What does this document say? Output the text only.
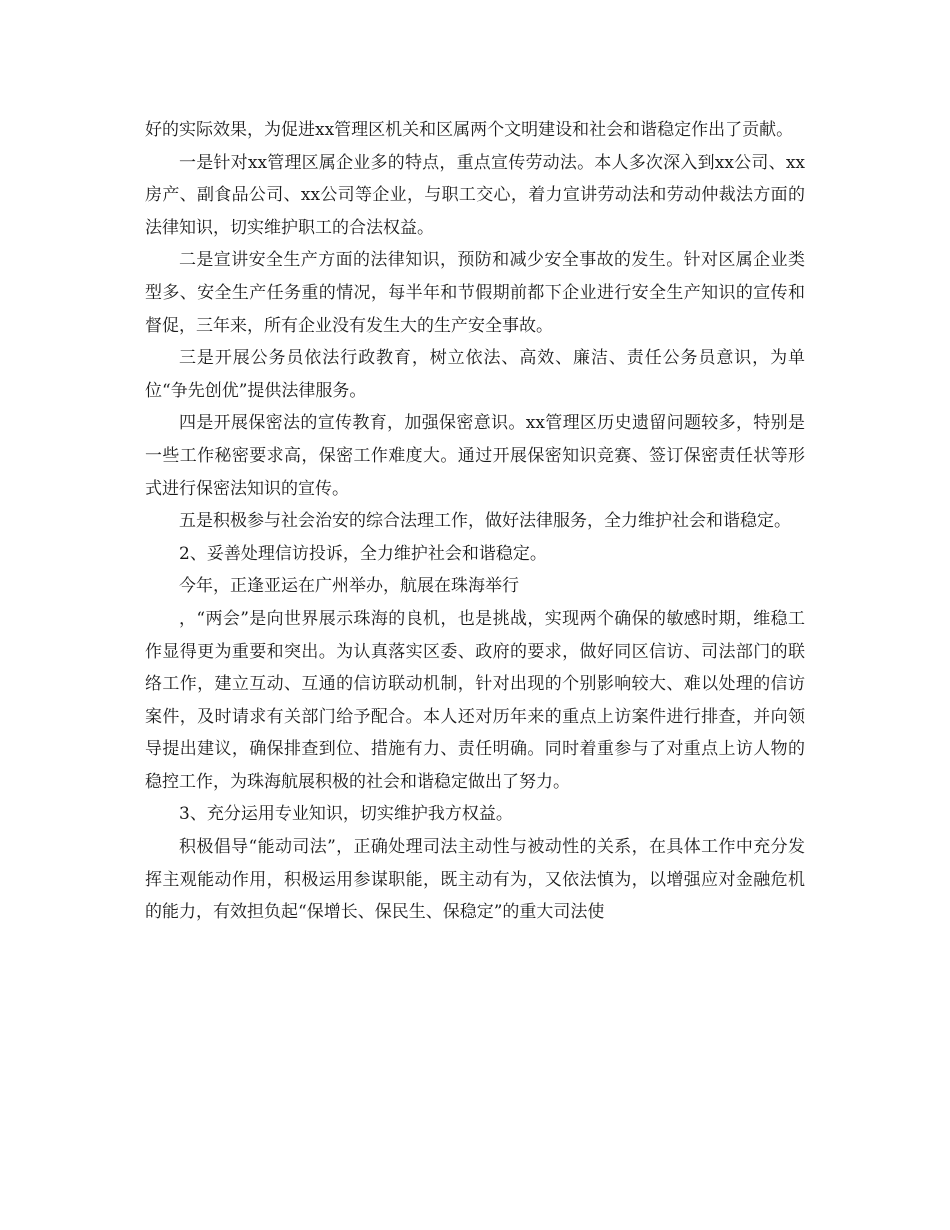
好的实际效果，为促进xx管理区机关和区属两个文明建设和社会和谐稳定作出了贡献。

一是针对xx管理区属企业多的特点，重点宣传劳动法。本人多次深入到xx公司、xx房产、副食品公司、xx公司等企业，与职工交心，着力宣讲劳动法和劳动仲裁法方面的法律知识，切实维护职工的合法权益。

二是宣讲安全生产方面的法律知识，预防和减少安全事故的发生。针对区属企业类型多、安全生产任务重的情况，每半年和节假期前都下企业进行安全生产知识的宣传和督促，三年来，所有企业没有发生大的生产安全事故。

三是开展公务员依法行政教育，树立依法、高效、廉洁、责任公务员意识，为单位“争先创优”提供法律服务。

四是开展保密法的宣传教育，加强保密意识。xx管理区历史遗留问题较多，特别是一些工作秘密要求高，保密工作难度大。通过开展保密知识竞赛、签订保密责任状等形式进行保密法知识的宣传。

五是积极参与社会治安的综合法理工作，做好法律服务，全力维护社会和谐稳定。

2、妥善处理信访投诉，全力维护社会和谐稳定。

今年，正逢亚运在广州举办，航展在珠海举行

，“两会”是向世界展示珠海的良机，也是挑战，实现两个确保的敏感时期，维稳工作显得更为重要和突出。为认真落实区委、政府的要求，做好同区信访、司法部门的联络工作，建立互动、互通的信访联动机制，针对出现的个别影响较大、难以处理的信访案件，及时请求有关部门给予配合。本人还对历年来的重点上访案件进行排查，并向领导提出建议，确保排查到位、措施有力、责任明确。同时着重参与了对重点上访人物的稳控工作，为珠海航展积极的社会和谐稳定做出了努力。

3、充分运用专业知识，切实维护我方权益。

积极倡导“能动司法”，正确处理司法主动性与被动性的关系，在具体工作中充分发挥主观能动作用，积极运用参谋职能，既主动有为，又依法慎为，以增强应对金融危机的能力，有效担负起“保增长、保民生、保稳定”的重大司法使
